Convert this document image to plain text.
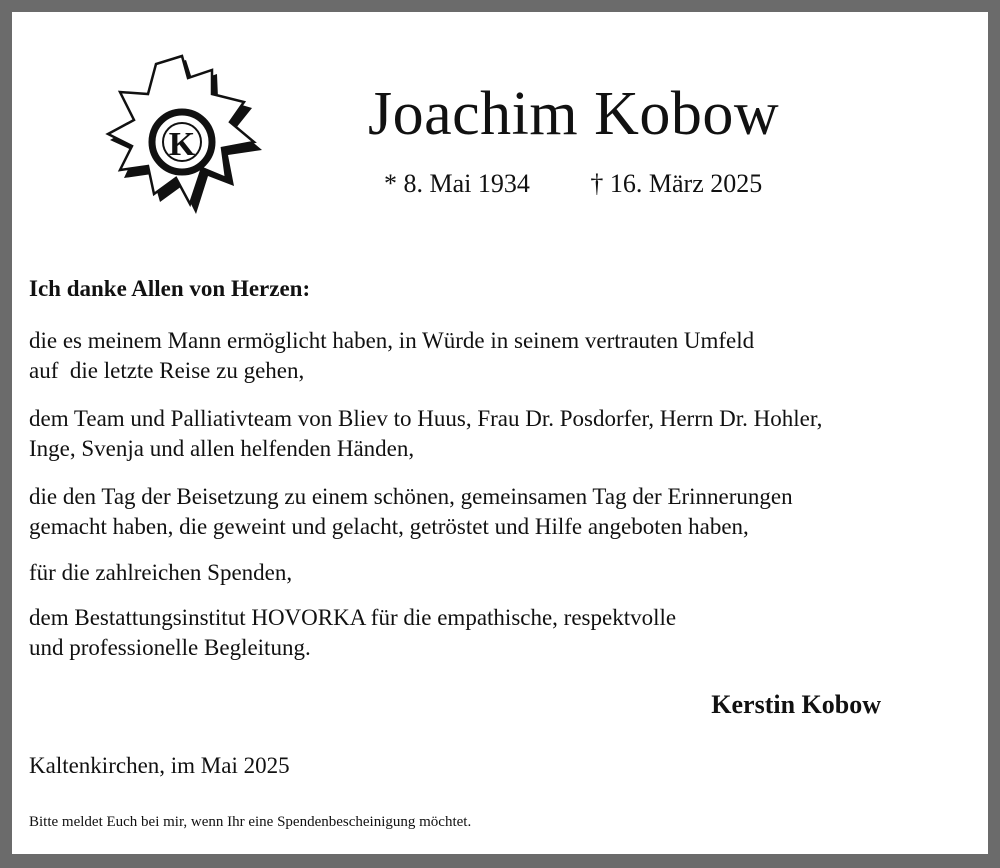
K	Joachim Kobow
* 8. Mai 1934 † 16. März 2025
Ich danke Allen von Herzen:
die es meinem Mann ermöglicht haben, in Würde in seinem vertrauten Umfeld
auf  die letzte Reise zu gehen,
dem Team und Palliativteam von Bliev to Huus, Frau Dr. Posdorfer, Herrn Dr. Hohler,
Inge, Svenja und allen helfenden Händen,
die den Tag der Beisetzung zu einem schönen, gemeinsamen Tag der Erinnerungen
gemacht haben, die geweint und gelacht, getröstet und Hilfe angeboten haben,
für die zahlreichen Spenden,
dem Bestattungsinstitut HOVORKA für die empathische, respektvolle
und professionelle Begleitung.
Kerstin Kobow
Kaltenkirchen, im Mai 2025
Bitte meldet Euch bei mir, wenn Ihr eine Spendenbescheinigung möchtet.
